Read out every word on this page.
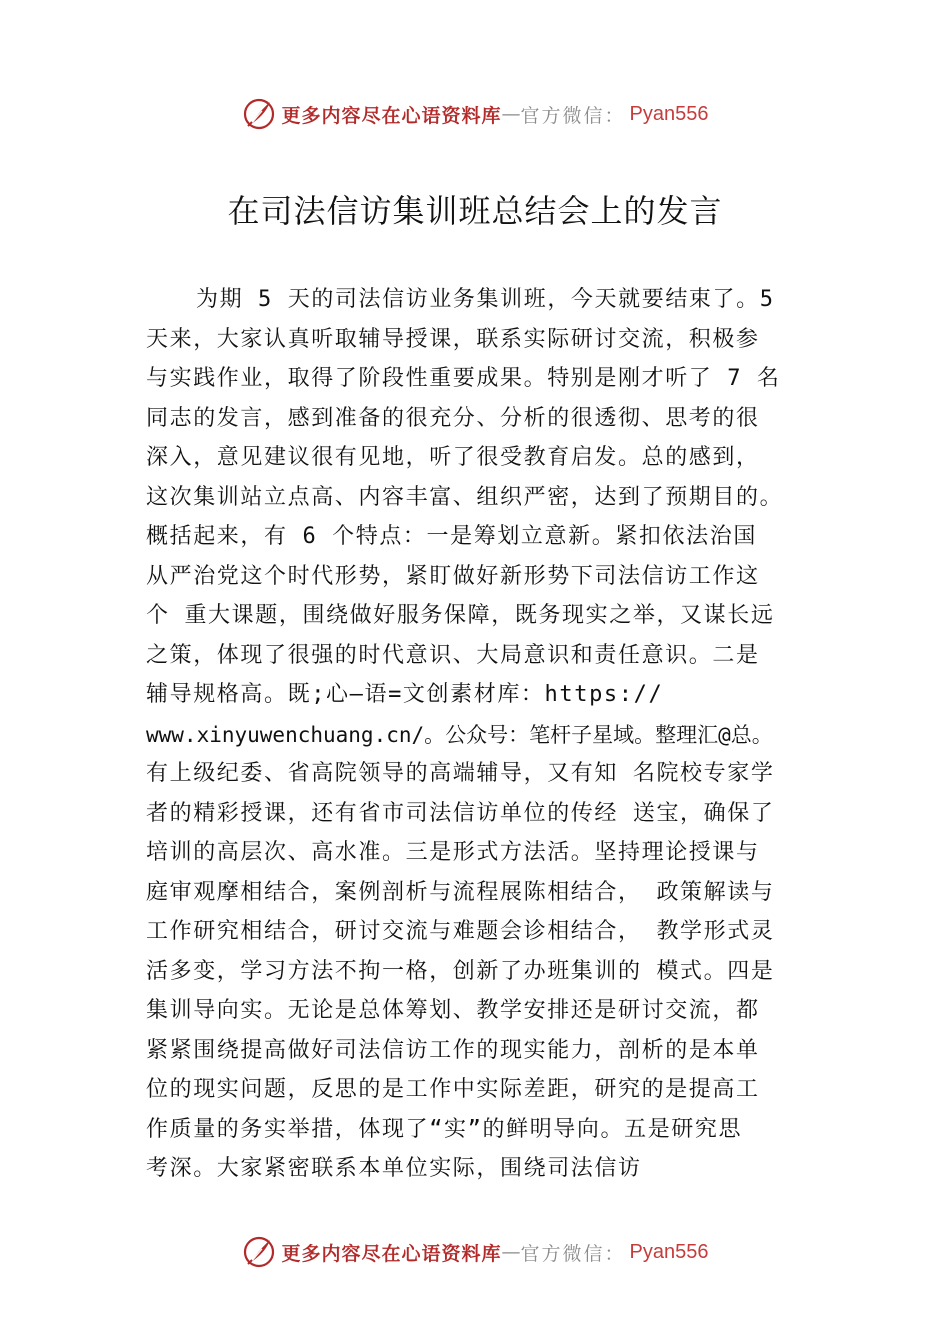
更多内容尽在心语资料库 — 官方微信： Pyan556
在司法信访集训班总结会上的发言
为期 5 天的司法信访业务集训班，今天就要结束了。5
天来，大家认真听取辅导授课，联系实际研讨交流，积极参
与实践作业，取得了阶段性重要成果。特别是刚才听了 7 名
同志的发言，感到准备的很充分、分析的很透彻、思考的很
深入，意见建议很有见地，听了很受教育启发。总的感到，
这次集训站立点高、内容丰富、组织严密，达到了预期目的。
概括起来，有 6 个特点：一是筹划立意新。紧扣依法治国
从严治党这个时代形势，紧盯做好新形势下司法信访工作这
个 重大课题，围绕做好服务保障，既务现实之举，又谋长远
之策，体现了很强的时代意识、大局意识和责任意识。二是
辅导规格高。既;心—语=文创素材库：https://
www.xinyuwenchuang.cn/。公众号：笔杆子星域。整理汇@总。
有上级纪委、省高院领导的高端辅导，又有知 名院校专家学
者的精彩授课，还有省市司法信访单位的传经 送宝，确保了
培训的高层次、高水准。三是形式方法活。坚持理论授课与
庭审观摩相结合，案例剖析与流程展陈相结合， 政策解读与
工作研究相结合，研讨交流与难题会诊相结合， 教学形式灵
活多变，学习方法不拘一格，创新了办班集训的 模式。四是
集训导向实。无论是总体筹划、教学安排还是研讨交流，都
紧紧围绕提高做好司法信访工作的现实能力，剖析的是本单
位的现实问题，反思的是工作中实际差距，研究的是提高工
作质量的务实举措，体现了“实”的鲜明导向。五是研究思
考深。大家紧密联系本单位实际，围绕司法信访
更多内容尽在心语资料库 — 官方微信： Pyan556
